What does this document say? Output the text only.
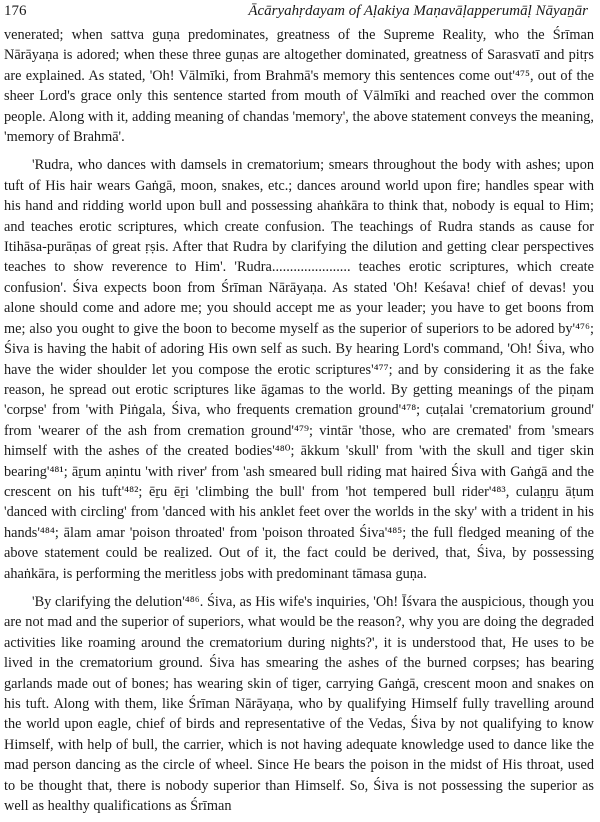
176	Ācāryahṛdayam of Aḷakiya Maṇavāḷapperumāḷ Nāyaṉār

venerated; when sattva guṇa predominates, greatness of the Supreme Reality, who the Śrīman Nārāyaṇa is adored; when these three guṇas are altogether dominated, greatness of Sarasvatī and pitṛs are explained. As stated, 'Oh! Vālmīki, from Brahmā's memory this sentences come out'⁴⁷⁵, out of the sheer Lord's grace only this sentence started from mouth of Vālmīki and reached over the common people. Along with it, adding meaning of chandas 'memory', the above statement conveys the meaning, 'memory of Brahmā'.

'Rudra, who dances with damsels in crematorium; smears throughout the body with ashes; upon tuft of His hair wears Gaṅgā, moon, snakes, etc.; dances around world upon fire; handles spear with his hand and ridding world upon bull and possessing ahaṅkāra to think that, nobody is equal to Him; and teaches erotic scriptures, which create confusion. The teachings of Rudra stands as cause for Itihāsa-purāṇas of great ṛṣis. After that Rudra by clarifying the dilution and getting clear perspectives teaches to show reverence to Him'. 'Rudra...................... teaches erotic scriptures, which create confusion'. Śiva expects boon from Śrīman Nārāyaṇa. As stated 'Oh! Keśava! chief of devas! you alone should come and adore me; you should accept me as your leader; you have to get boons from me; also you ought to give the boon to become myself as the superior of superiors to be adored by'⁴⁷⁶; Śiva is having the habit of adoring His own self as such. By hearing Lord's command, 'Oh! Śiva, who have the wider shoulder let you compose the erotic scriptures'⁴⁷⁷; and by considering it as the fake reason, he spread out erotic scriptures like āgamas to the world. By getting meanings of the piṇam 'corpse' from 'with Piṅgala, Śiva, who frequents cremation ground'⁴⁷⁸; cuṭalai 'crematorium ground' from 'wearer of the ash from cremation ground'⁴⁷⁹; vintār 'those, who are cremated' from 'smears himself with the ashes of the created bodies'⁴⁸⁰; ākkum 'skull' from 'with the skull and tiger skin bearing'⁴⁸¹; āṟum aṇintu 'with river' from 'ash smeared bull riding mat haired Śiva with Gaṅgā and the crescent on his tuft'⁴⁸²; ēṟu ēṟi 'climbing the bull' from 'hot tempered bull rider'⁴⁸³, culaṉṟu āṭum 'danced with circling' from 'danced with his anklet feet over the worlds in the sky' with a trident in his hands'⁴⁸⁴; ālam amar 'poison throated' from 'poison throated Śiva'⁴⁸⁵; the full fledged meaning of the above statement could be realized. Out of it, the fact could be derived, that, Śiva, by possessing ahaṅkāra, is performing the meritless jobs with predominant tāmasa guṇa.

'By clarifying the delution'⁴⁸⁶. Śiva, as His wife's inquiries, 'Oh! Īśvara the auspicious, though you are not mad and the superior of superiors, what would be the reason?, why you are doing the degraded activities like roaming around the crematorium during nights?', it is understood that, He uses to be lived in the crematorium ground. Śiva has smearing the ashes of the burned corpses; has bearing garlands made out of bones; has wearing skin of tiger, carrying Gaṅgā, crescent moon and snakes on his tuft. Along with them, like Śrīman Nārāyaṇa, who by qualifying Himself fully travelling around the world upon eagle, chief of birds and representative of the Vedas, Śiva by not qualifying to know Himself, with help of bull, the carrier, which is not having adequate knowledge used to dance like the mad person dancing as the circle of wheel. Since He bears the poison in the midst of His throat, used to be thought that, there is nobody superior than Himself. So, Śiva is not possessing the superior as well as healthy qualifications as Śrīman
